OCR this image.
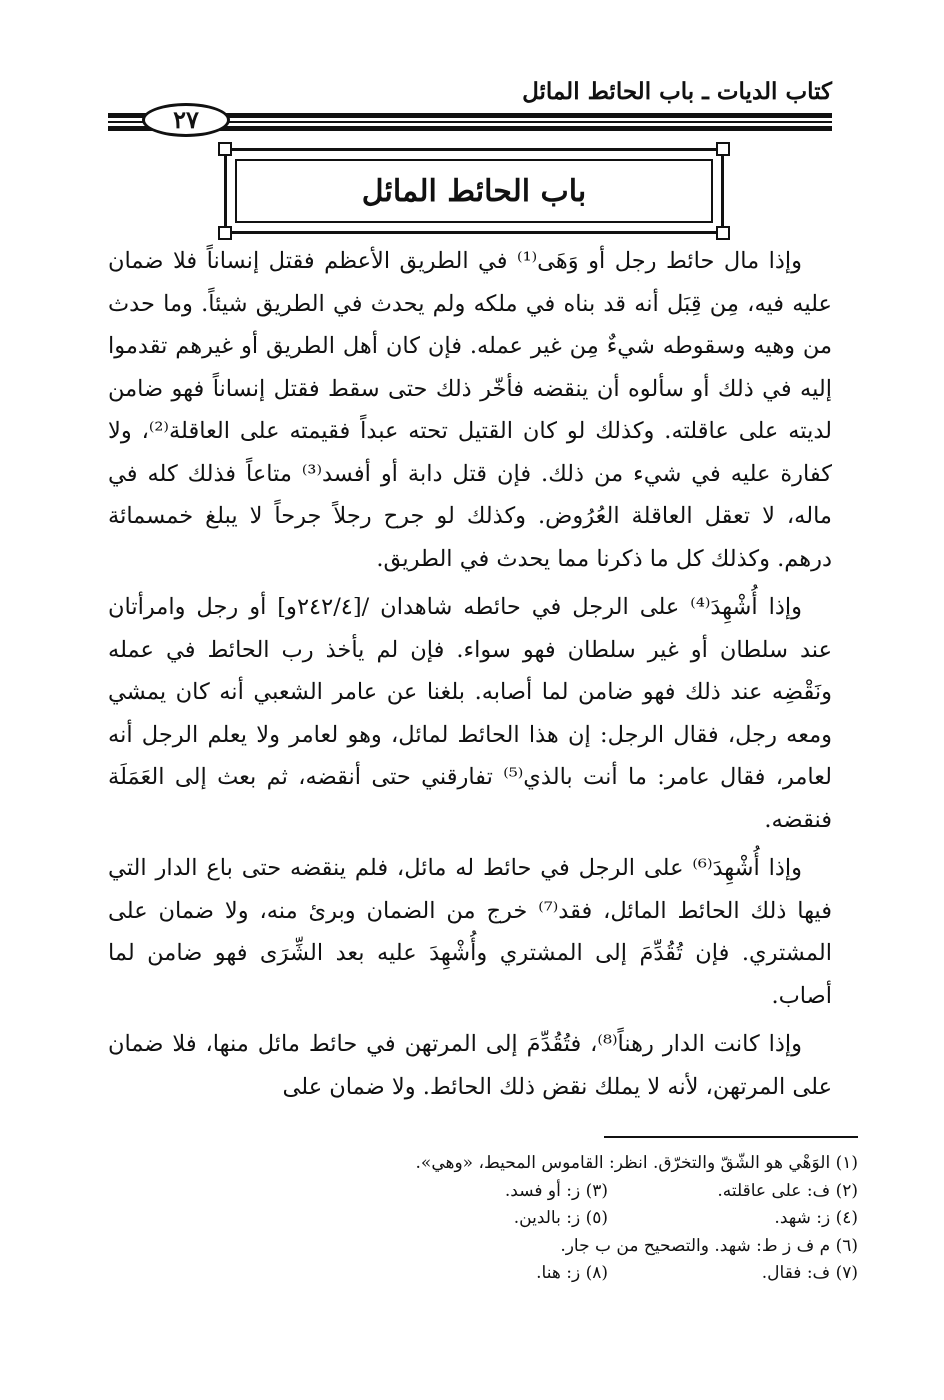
كتاب الديات ـ باب الحائط المائل
٢٧
باب الحائط المائل

وإذا مال حائط رجل أو وَهَى⁽¹⁾ في الطريق الأعظم فقتل إنساناً فلا ضمان عليه فيه، مِن قِبَل أنه قد بناه في ملكه ولم يحدث في الطريق شيئاً. وما حدث من وهيه وسقوطه شيءٌ مِن غير عمله. فإن كان أهل الطريق أو غيرهم تقدموا إليه في ذلك أو سألوه أن ينقضه فأخّر ذلك حتى سقط فقتل إنساناً فهو ضامن لديته على عاقلته. وكذلك لو كان القتيل تحته عبداً فقيمته على العاقلة⁽²⁾، ولا كفارة عليه في شيء من ذلك. فإن قتل دابة أو أفسد⁽³⁾ متاعاً فذلك كله في ماله، لا تعقل العاقلة العُرُوض. وكذلك لو جرح رجلاً جرحاً لا يبلغ خمسمائة درهم. وكذلك كل ما ذكرنا مما يحدث في الطريق.

وإذا أُشْهِدَ⁽⁴⁾ على الرجل في حائطه شاهدان /[٢٤٢/٤و] أو رجل وامرأتان عند سلطان أو غير سلطان فهو سواء. فإن لم يأخذ رب الحائط في عمله ونَقْضِه عند ذلك فهو ضامن لما أصابه. بلغنا عن عامر الشعبي أنه كان يمشي ومعه رجل، فقال الرجل: إن هذا الحائط لمائل، وهو لعامر ولا يعلم الرجل أنه لعامر، فقال عامر: ما أنت بالذي⁽⁵⁾ تفارقني حتى أنقضه، ثم بعث إلى العَمَلَة فنقضه.

وإذا أُشْهِدَ⁽⁶⁾ على الرجل في حائط له مائل، فلم ينقضه حتى باع الدار التي فيها ذلك الحائط المائل، فقد⁽⁷⁾ خرج من الضمان وبرئ منه، ولا ضمان على المشتري. فإن تُقُدِّمَ إلى المشتري وأُشْهِدَ عليه بعد الشِّرَى فهو ضامن لما أصاب.

وإذا كانت الدار رهناً⁽⁸⁾، فتُقُدِّمَ إلى المرتهن في حائط مائل منها، فلا ضمان على المرتهن، لأنه لا يملك نقض ذلك الحائط. ولا ضمان على

(١) الوَهْي هو الشّقّ والتخرّق. انظر: القاموس المحيط، «وهي».
(٢) ف: على عاقلته.
(٣) ز: أو فسد.
(٤) ز: شهد.
(٥) ز: بالدين.
(٦) م ف ز ط: شهد. والتصحيح من ب جار.
(٧) ف: فقال.
(٨) ز: هنا.
